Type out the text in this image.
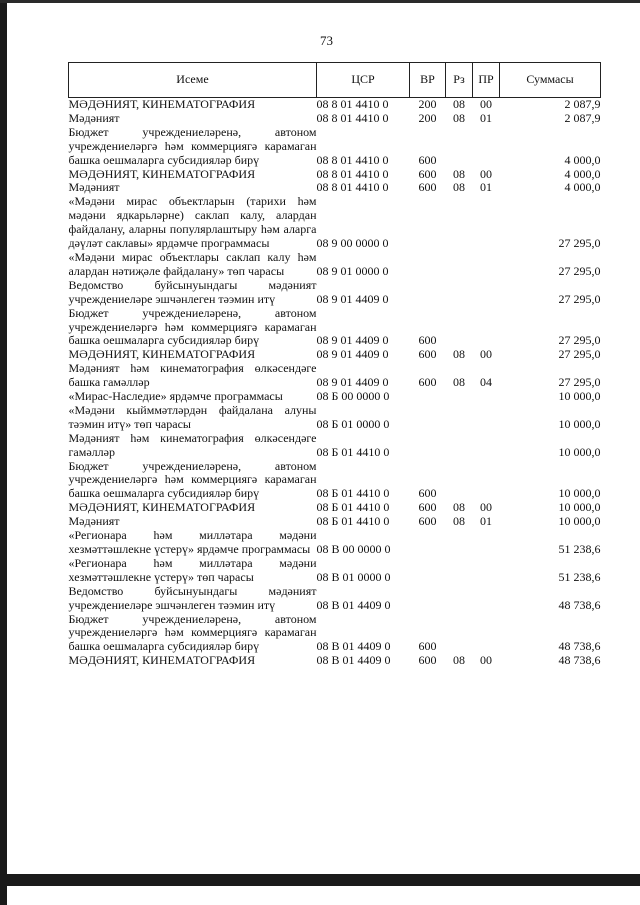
73
Исеме	ЦСР	ВР	Рз	ПР	Суммасы
МӘДӘНИЯТ, КИНЕМАТОГРАФИЯ	08 8 01 4410 0	200	08	00	2 087,9
Мәдәният	08 8 01 4410 0	200	08	01	2 087,9
Бюджет учреждениеләренә, автоном учреждениеләргә һәм коммерциягә карамаган башка оешмаларга субсидияләр бирү	08 8 01 4410 0	600			4 000,0
МӘДӘНИЯТ, КИНЕМАТОГРАФИЯ	08 8 01 4410 0	600	08	00	4 000,0
Мәдәният	08 8 01 4410 0	600	08	01	4 000,0
«Мәдәни мирас объектларын (тарихи һәм мәдәни ядкарьләрне) саклап калу, алардан файдалану, аларны популярлаштыру һәм аларга дәүләт саклавы» ярдәмче программасы	08 9 00 0000 0				27 295,0
«Мәдәни мирас объектлары саклап калу һәм алардан нәтиҗәле файдалану» төп чарасы	08 9 01 0000 0				27 295,0
Ведомство буйсынуындагы мәдәният учреждениеләре эшчәнлеген тәэмин итү	08 9 01 4409 0				27 295,0
Бюджет учреждениеләренә, автоном учреждениеләргә һәм коммерциягә карамаган башка оешмаларга субсидияләр бирү	08 9 01 4409 0	600			27 295,0
МӘДӘНИЯТ, КИНЕМАТОГРАФИЯ	08 9 01 4409 0	600	08	00	27 295,0
Мәдәният һәм кинематография өлкәсендәге башка гамәлләр	08 9 01 4409 0	600	08	04	27 295,0
«Мирас-Наследие» ярдәмче программасы	08 Б 00 0000 0				10 000,0
«Мәдәни кыйммәтләрдән файдалана алуны тәэмин итү» төп чарасы	08 Б 01 0000 0				10 000,0
Мәдәният һәм кинематография өлкәсендәге гамәлләр	08 Б 01 4410 0				10 000,0
Бюджет учреждениеләренә, автоном учреждениеләргә һәм коммерциягә карамаган башка оешмаларга субсидияләр бирү	08 Б 01 4410 0	600			10 000,0
МӘДӘНИЯТ, КИНЕМАТОГРАФИЯ	08 Б 01 4410 0	600	08	00	10 000,0
Мәдәният	08 Б 01 4410 0	600	08	01	10 000,0
«Регионара һәм милләтара мәдәни хезмәттәшлекне үстерү» ярдәмче программасы	08 В 00 0000 0				51 238,6
«Регионара һәм милләтара мәдәни хезмәттәшлекне үстерү» төп чарасы	08 В 01 0000 0				51 238,6
Ведомство буйсынуындагы мәдәният учреждениеләре эшчәнлеген тәэмин итү	08 В 01 4409 0				48 738,6
Бюджет учреждениеләренә, автоном учреждениеләргә һәм коммерциягә карамаган башка оешмаларга субсидияләр бирү	08 В 01 4409 0	600			48 738,6
МӘДӘНИЯТ, КИНЕМАТОГРАФИЯ	08 В 01 4409 0	600	08	00	48 738,6
